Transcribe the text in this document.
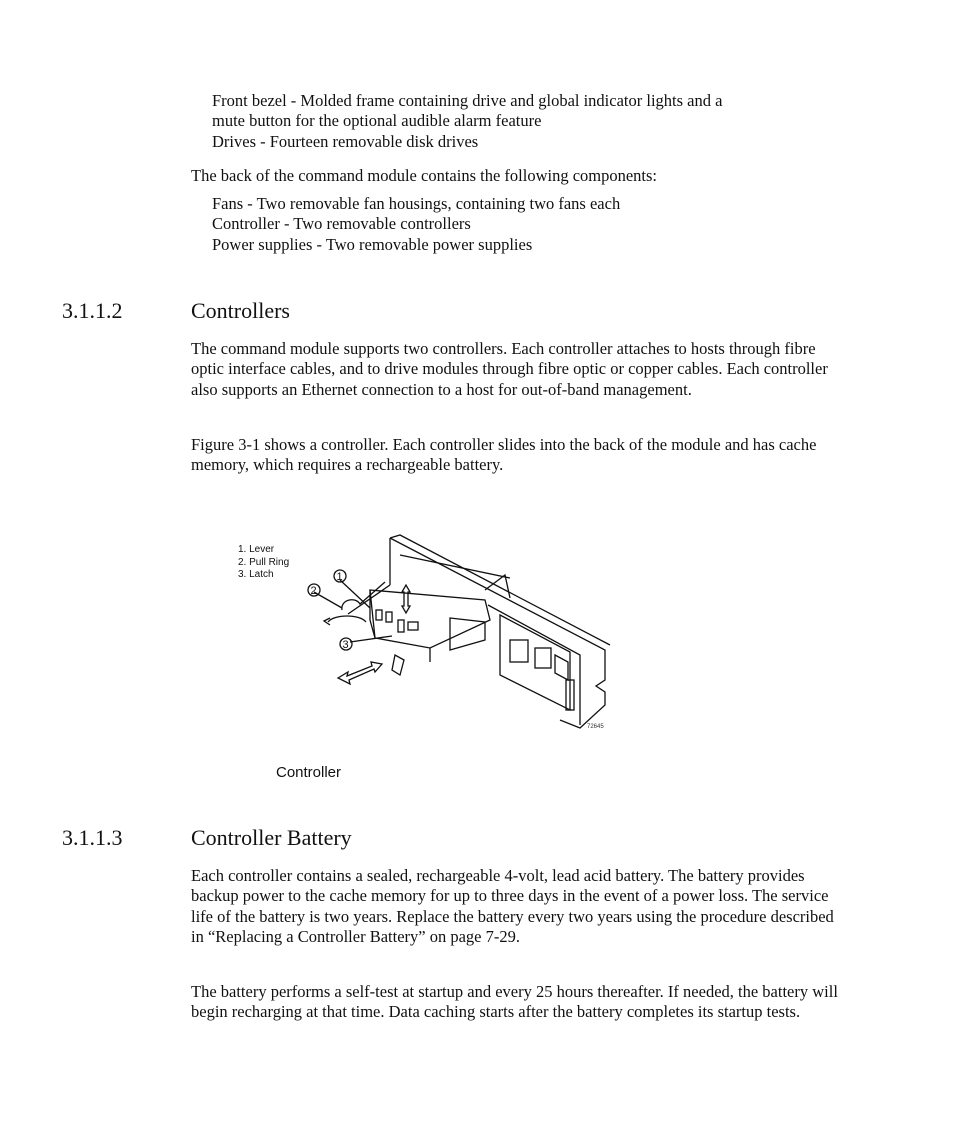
Front bezel - Molded frame containing drive and global indicator lights and a
mute button for the optional audible alarm feature
Drives - Fourteen removable disk drives

The back of the command module contains the following components:

Fans - Two removable fan housings, containing two fans each
Controller - Two removable controllers
Power supplies - Two removable power supplies
3.1.1.2	Controllers

The command module supports two controllers. Each controller attaches to hosts through fibre optic interface cables, and to drive modules through fibre optic or copper cables. Each controller also supports an Ethernet connection to a host for out-of-band management.

Figure 3-1 shows a controller. Each controller slides into the back of the module and has cache memory, which requires a rechargeable battery.

1. Lever
2. Pull Ring
3. Latch	1
2
3
72645
Controller
3.1.1.3	Controller Battery

Each controller contains a sealed, rechargeable 4-volt, lead acid battery. The battery provides backup power to the cache memory for up to three days in the event of a power loss. The service life of the battery is two years. Replace the battery every two years using the procedure described in “Replacing a Controller Battery” on page 7-29.

The battery performs a self-test at startup and every 25 hours thereafter. If needed, the battery will begin recharging at that time. Data caching starts after the battery completes its startup tests.
